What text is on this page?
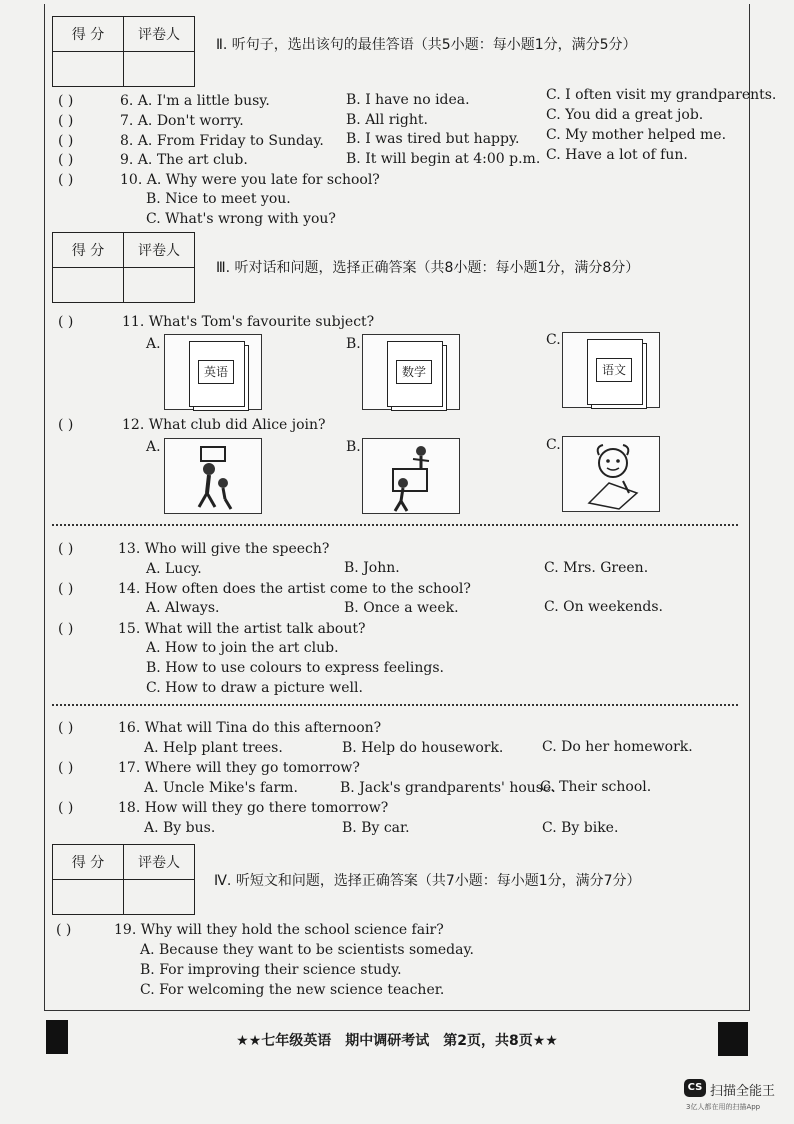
得 分	评卷人

Ⅱ. 听句子，选出该句的最佳答语（共5小题：每小题1分，满分5分）
( )	6. A. I'm a little busy.	B. I have no idea.	C. I often visit my grandparents.
( )	7. A. Don't worry.	B. All right.	C. You did a great job.
( )	8. A. From Friday to Sunday. B. I was tired but happy. C. My mother helped me.
( )	9. A. The art club.	B. It will begin at 4:00 p.m. C. Have a lot of fun.
( )	10. A. Why were you late for school?
B. Nice to meet you.
C. What's wrong with you?
得 分	评卷人

Ⅲ. 听对话和问题，选择正确答案（共8小题：每小题1分，满分8分）
( )	11. What's Tom's favourite subject?
A.	B.	C.
英语	数学	语文
( )	12. What club did Alice join?
A.	B.	C.
( )	13. Who will give the speech?
A. Lucy.	B. John.	C. Mrs. Green.
( )	14. How often does the artist come to the school?
A. Always.	B. Once a week.	C. On weekends.
( )	15. What will the artist talk about?
A. How to join the art club.
B. How to use colours to express feelings.
C. How to draw a picture well.
( )	16. What will Tina do this afternoon?
A. Help plant trees.	B. Help do housework.	C. Do her homework.
( )	17. Where will they go tomorrow?
A. Uncle Mike's farm.	B. Jack's grandparents' house.
C. Their school.
( )	18. How will they go there tomorrow?
A. By bus.	B. By car.	C. By bike.
得 分	评卷人

Ⅳ. 听短文和问题，选择正确答案（共7小题：每小题1分，满分7分）
( )	19. Why will they hold the school science fair?
A. Because they want to be scientists someday.
B. For improving their science study.
C. For welcoming the new science teacher.
★★七年级英语　期中调研考试　第2页，共8页★★
CS 扫描全能王
3亿人都在用的扫描App
